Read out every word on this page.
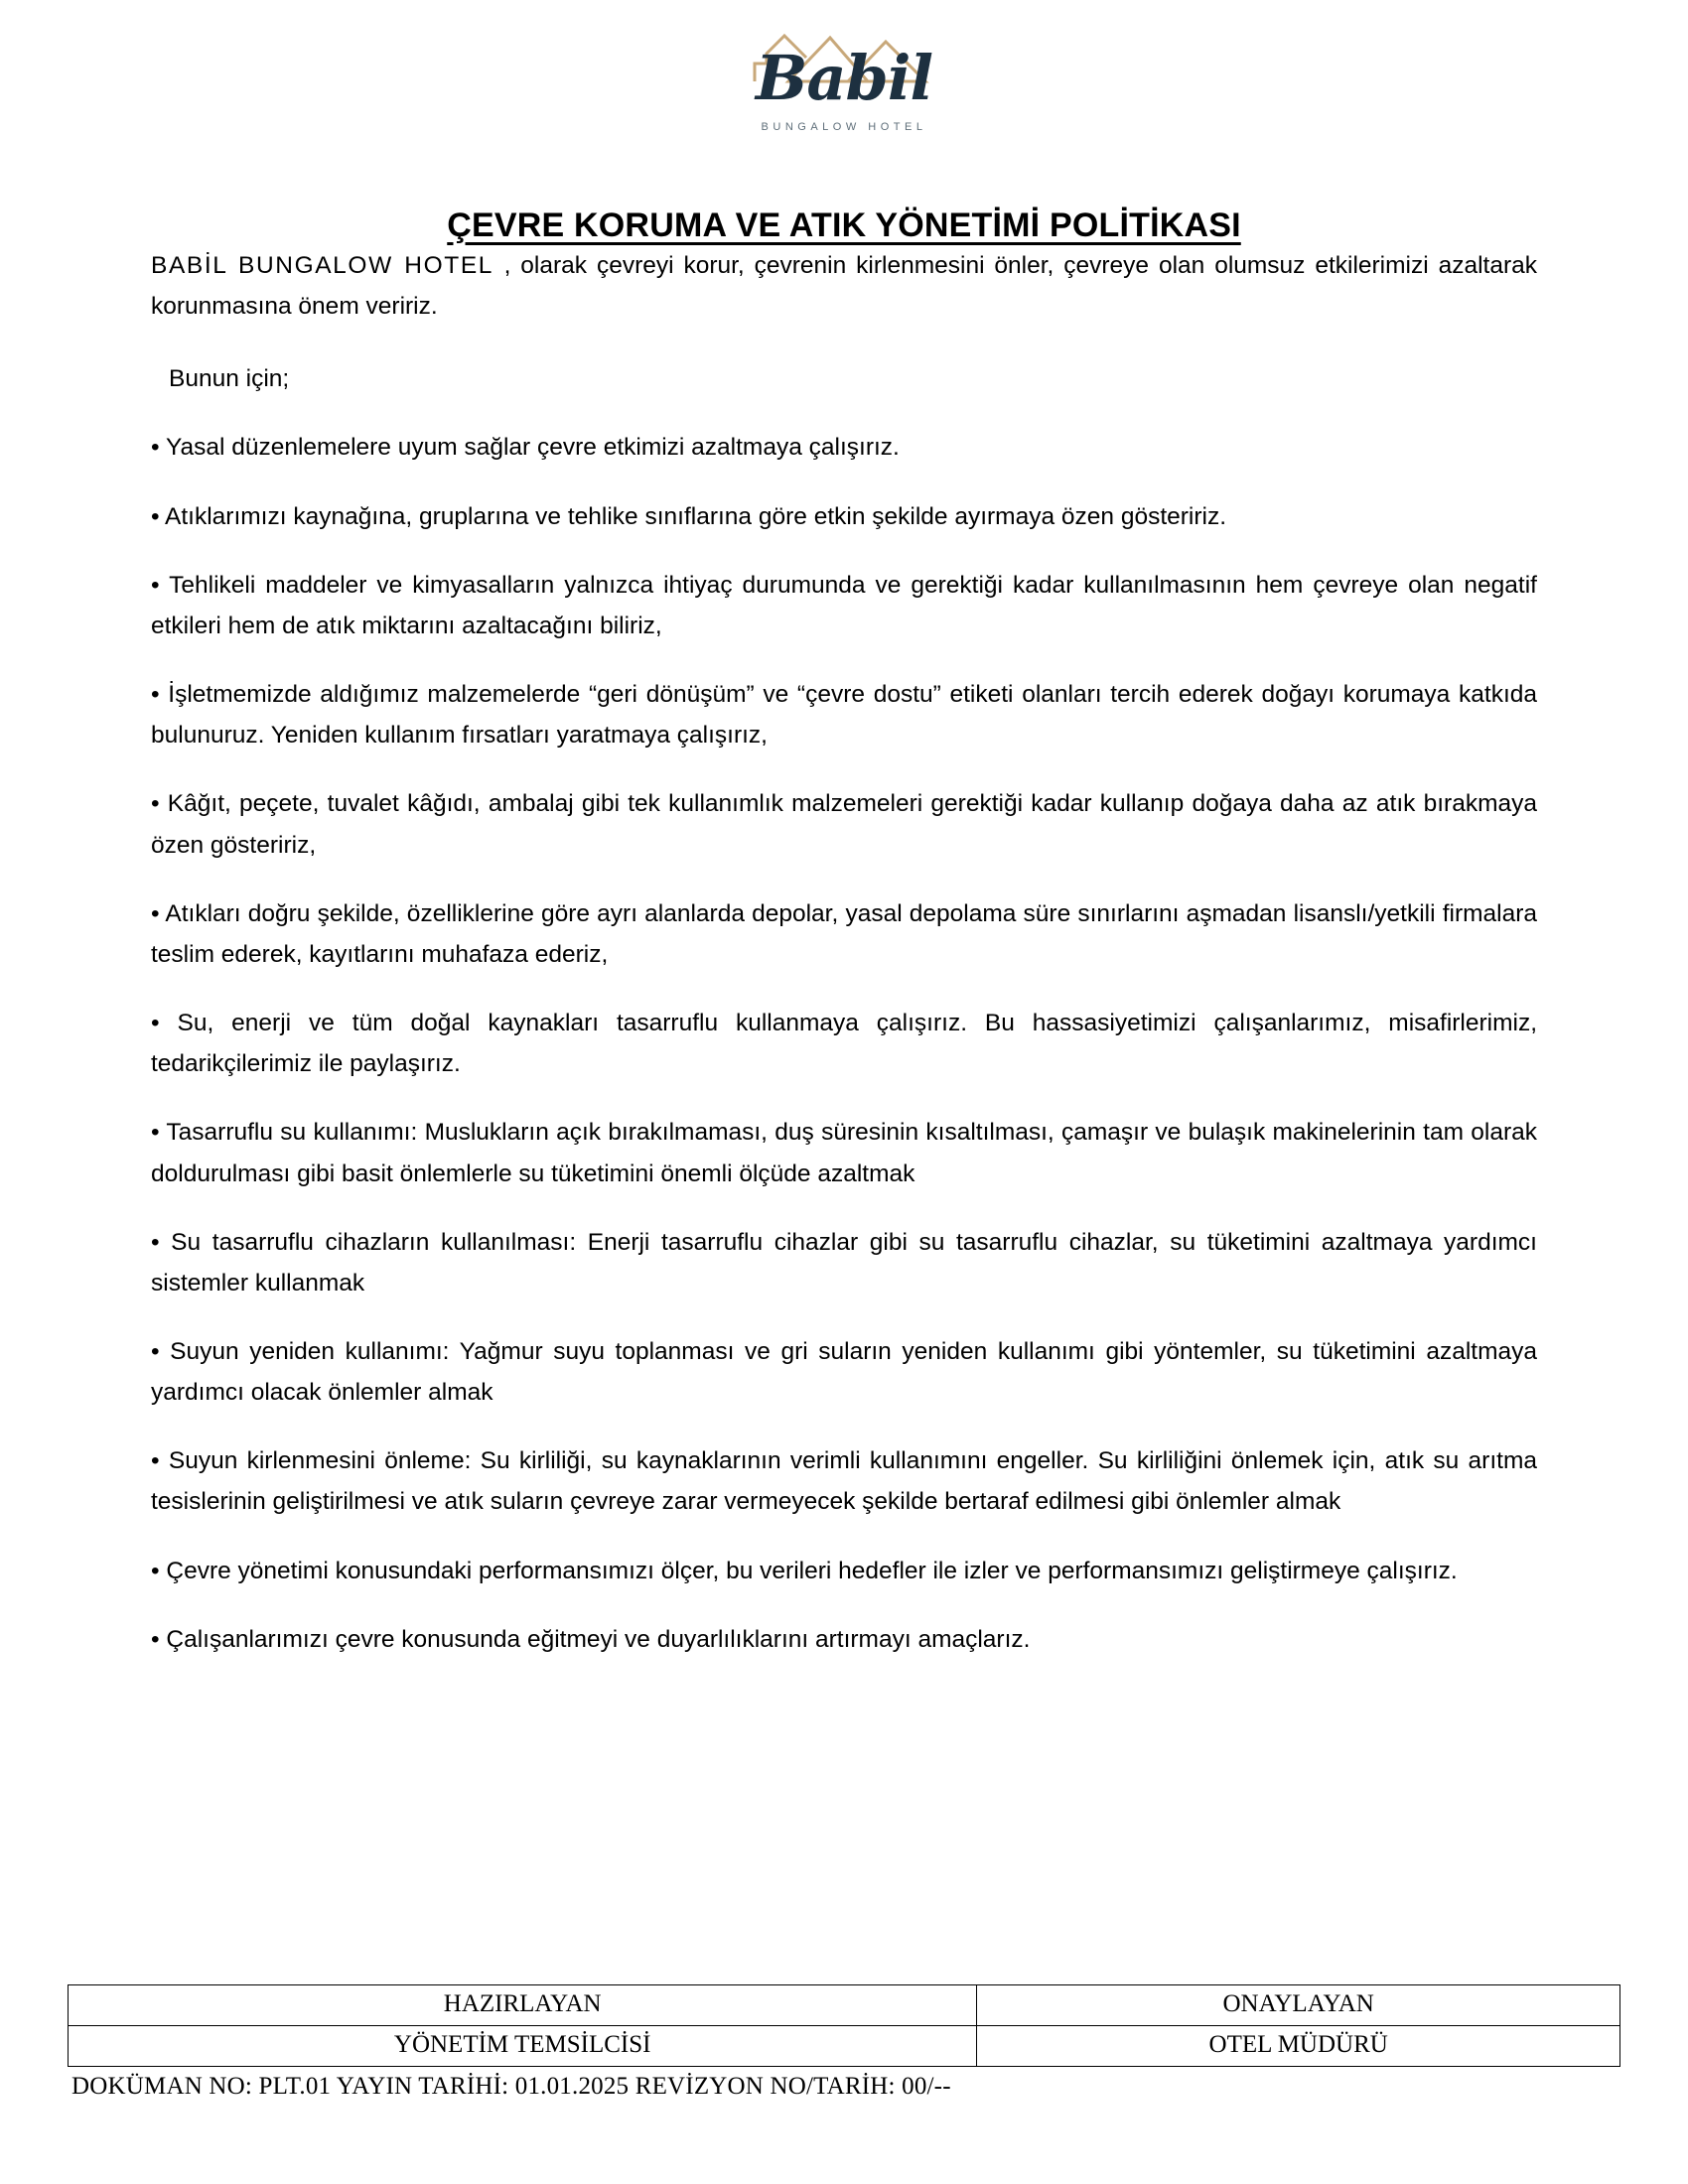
Babil
BUNGALOW HOTEL
ÇEVRE KORUMA VE ATIK YÖNETİMİ POLİTİKASI

BABİL BUNGALOW HOTEL , olarak çevreyi korur, çevrenin kirlenmesini önler, çevreye olan olumsuz etkilerimizi azaltarak korunmasına önem veririz.

Bunun için;
• Yasal düzenlemelere uyum sağlar çevre etkimizi azaltmaya çalışırız.
• Atıklarımızı kaynağına, gruplarına ve tehlike sınıflarına göre etkin şekilde ayırmaya özen gösteririz.
• Tehlikeli maddeler ve kimyasalların yalnızca ihtiyaç durumunda ve gerektiği kadar kullanılmasının hem çevreye olan negatif etkileri hem de atık miktarını azaltacağını biliriz,
• İşletmemizde aldığımız malzemelerde “geri dönüşüm” ve “çevre dostu” etiketi olanları tercih ederek doğayı korumaya katkıda bulunuruz. Yeniden kullanım fırsatları yaratmaya çalışırız,
• Kâğıt, peçete, tuvalet kâğıdı, ambalaj gibi tek kullanımlık malzemeleri gerektiği kadar kullanıp doğaya daha az atık bırakmaya özen gösteririz,
• Atıkları doğru şekilde, özelliklerine göre ayrı alanlarda depolar, yasal depolama süre sınırlarını aşmadan lisanslı/yetkili firmalara teslim ederek, kayıtlarını muhafaza ederiz,
• Su, enerji ve tüm doğal kaynakları tasarruflu kullanmaya çalışırız. Bu hassasiyetimizi çalışanlarımız, misafirlerimiz, tedarikçilerimiz ile paylaşırız.
• Tasarruflu su kullanımı: Muslukların açık bırakılmaması, duş süresinin kısaltılması, çamaşır ve bulaşık makinelerinin tam olarak doldurulması gibi basit önlemlerle su tüketimini önemli ölçüde azaltmak
• Su tasarruflu cihazların kullanılması: Enerji tasarruflu cihazlar gibi su tasarruflu cihazlar, su tüketimini azaltmaya yardımcı sistemler kullanmak
• Suyun yeniden kullanımı: Yağmur suyu toplanması ve gri suların yeniden kullanımı gibi yöntemler, su tüketimini azaltmaya yardımcı olacak önlemler almak
• Suyun kirlenmesini önleme: Su kirliliği, su kaynaklarının verimli kullanımını engeller. Su kirliliğini önlemek için, atık su arıtma tesislerinin geliştirilmesi ve atık suların çevreye zarar vermeyecek şekilde bertaraf edilmesi gibi önlemler almak
• Çevre yönetimi konusundaki performansımızı ölçer, bu verileri hedefler ile izler ve performansımızı geliştirmeye çalışırız.
• Çalışanlarımızı çevre konusunda eğitmeyi ve duyarlılıklarını artırmayı amaçlarız.
HAZIRLAYAN	ONAYLAYAN
YÖNETİM TEMSİLCİSİ	OTEL MÜDÜRÜ
DOKÜMAN NO: PLT.01 YAYIN TARİHİ: 01.01.2025 REVİZYON NO/TARİH: 00/--
